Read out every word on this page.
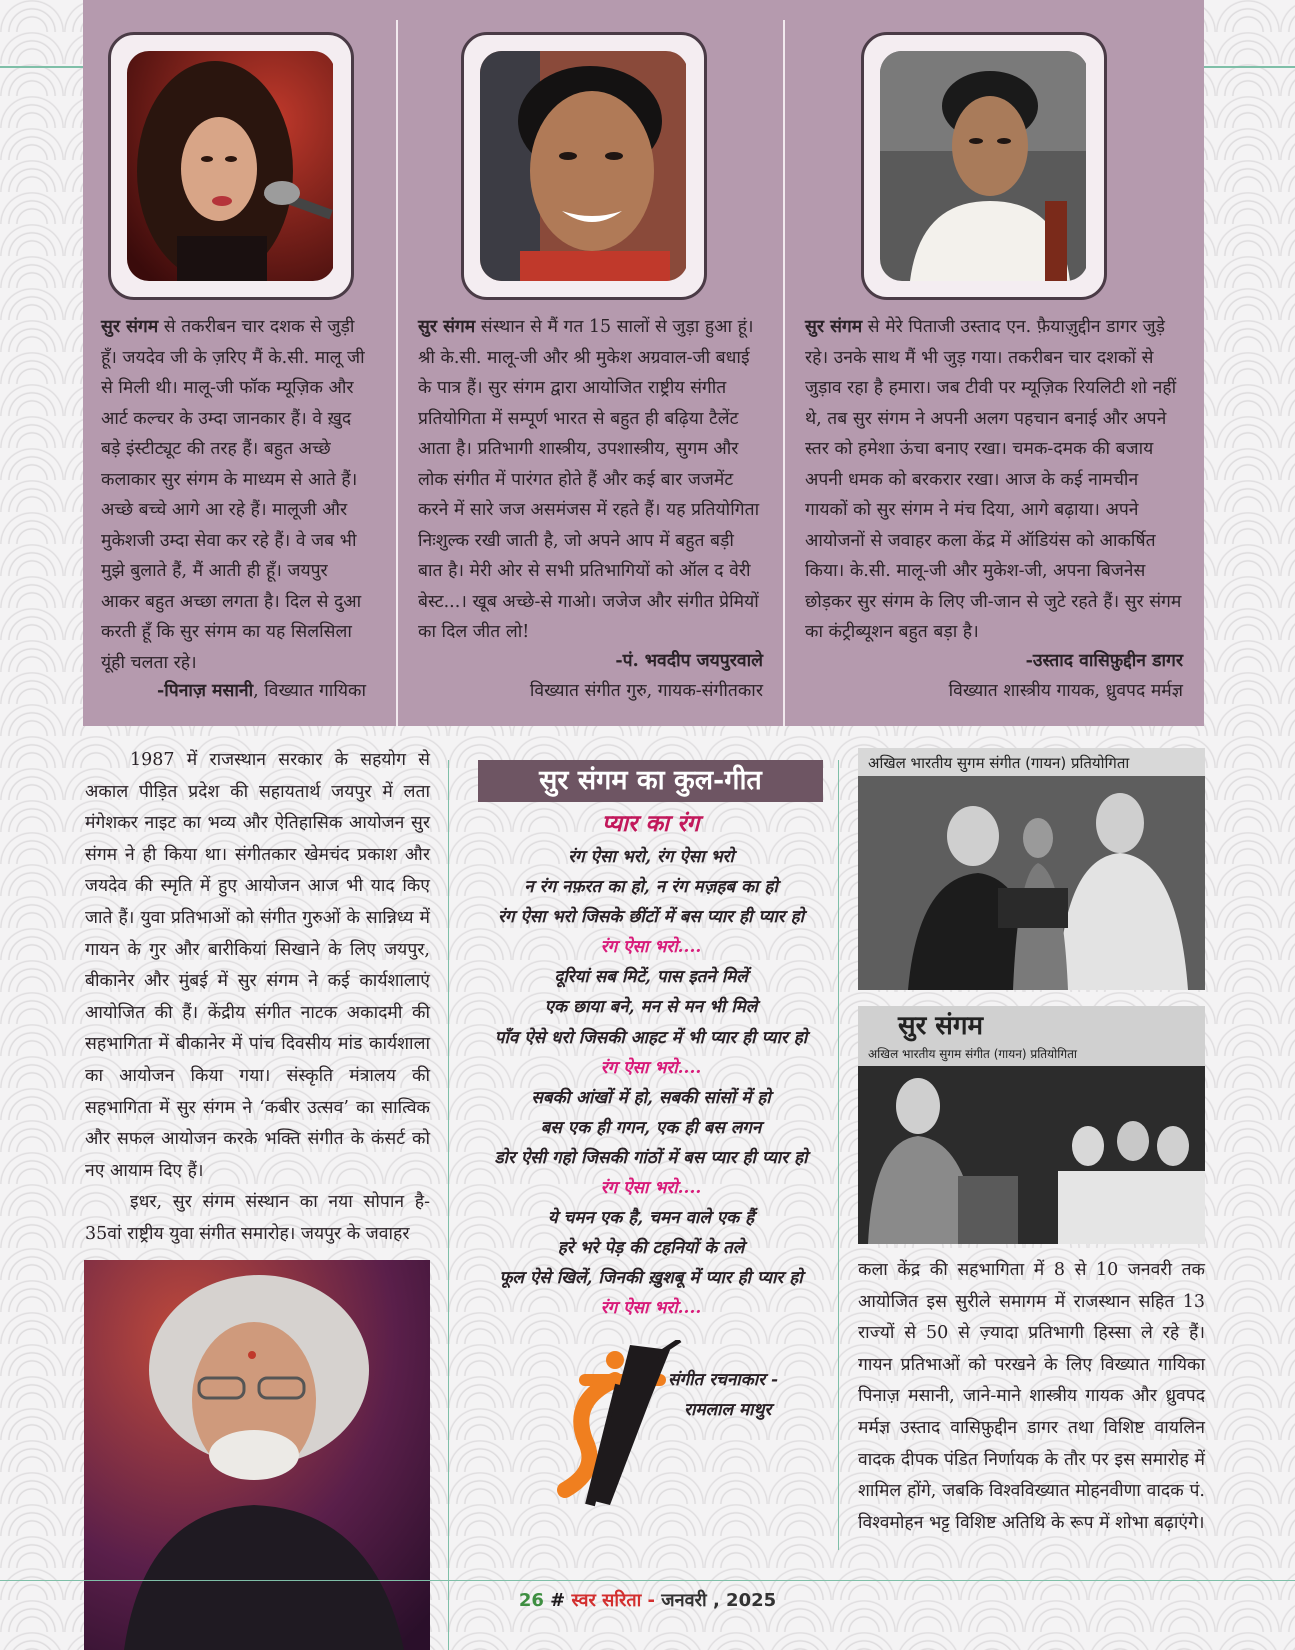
सुर संगम से तकरीबन चार दशक से जुड़ी हूँ। जयदेव जी के ज़रिए मैं के.सी. मालू जी से मिली थी। मालू-जी फॉक म्यूज़िक और आर्ट कल्चर के उम्दा जानकार हैं। वे ख़ुद बड़े इंस्टीट्यूट की तरह हैं। बहुत अच्छे कलाकार सुर संगम के माध्यम से आते हैं। अच्छे बच्चे आगे आ रहे हैं। मालूजी और मुकेशजी उम्दा सेवा कर रहे हैं। वे जब भी मुझे बुलाते हैं, मैं आती ही हूँ। जयपुर आकर बहुत अच्छा लगता है। दिल से दुआ करती हूँ कि सुर संगम का यह सिलसिला यूंही चलता रहे।
-पिनाज़ मसानी, विख्यात गायिका
सुर संगम संस्थान से मैं गत 15 सालों से जुड़ा हुआ हूं। श्री के.सी. मालू-जी और श्री मुकेश अग्रवाल-जी बधाई के पात्र हैं। सुर संगम द्वारा आयोजित राष्ट्रीय संगीत प्रतियोगिता में सम्पूर्ण भारत से बहुत ही बढ़िया टैलेंट आता है। प्रतिभागी शास्त्रीय, उपशास्त्रीय, सुगम और लोक संगीत में पारंगत होते हैं और कई बार जजमेंट करने में सारे जज असमंजस में रहते हैं। यह प्रतियोगिता निःशुल्क रखी जाती है, जो अपने आप में बहुत बड़ी बात है। मेरी ओर से सभी प्रतिभागियों को ऑल द वेरी बेस्ट...। खूब अच्छे-से गाओ। जजेज और संगीत प्रेमियों का दिल जीत लो!
-पं. भवदीप जयपुरवाले
विख्यात संगीत गुरु, गायक-संगीतकार
सुर संगम से मेरे पिताजी उस्ताद एन. फ़ैयाज़ुद्दीन डागर जुड़े रहे। उनके साथ मैं भी जुड़ गया। तकरीबन चार दशकों से जुड़ाव रहा है हमारा। जब टीवी पर म्यूज़िक रियलिटी शो नहीं थे, तब सुर संगम ने अपनी अलग पहचान बनाई और अपने स्तर को हमेशा ऊंचा बनाए रखा। चमक-दमक की बजाय अपनी धमक को बरकरार रखा। आज के कई नामचीन गायकों को सुर संगम ने मंच दिया, आगे बढ़ाया। अपने आयोजनों से जवाहर कला केंद्र में ऑडियंस को आकर्षित किया। के.सी. मालू-जी और मुकेश-जी, अपना बिजनेस छोड़कर सुर संगम के लिए जी-जान से जुटे रहते हैं। सुर संगम का कंट्रीब्यूशन बहुत बड़ा है।
-उस्ताद वासिफ़ुद्दीन डागर
विख्यात शास्त्रीय गायक, ध्रुवपद मर्मज्ञ

1987 में राजस्थान सरकार के सहयोग से अकाल पीड़ित प्रदेश की सहायतार्थ जयपुर में लता मंगेशकर नाइट का भव्य और ऐतिहासिक आयोजन सुर संगम ने ही किया था। संगीतकार खेमचंद प्रकाश और जयदेव की स्मृति में हुए आयोजन आज भी याद किए जाते हैं। युवा प्रतिभाओं को संगीत गुरुओं के सान्निध्य में गायन के गुर और बारीकियां सिखाने के लिए जयपुर, बीकानेर और मुंबई में सुर संगम ने कई कार्यशालाएं आयोजित की हैं। केंद्रीय संगीत नाटक अकादमी की सहभागिता में बीकानेर में पांच दिवसीय मांड कार्यशाला का आयोजन किया गया। संस्कृति मंत्रालय की सहभागिता में सुर संगम ने ‘कबीर उत्सव’ का सात्विक और सफल आयोजन करके भक्ति संगीत के कंसर्ट को नए आयाम दिए हैं।

इधर, सुर संगम संस्थान का नया सोपान है- 35वां राष्ट्रीय युवा संगीत समारोह। जयपुर के जवाहर

सुर संगम का कुल-गीत
प्यार का रंग
रंग ऐसा भरो, रंग ऐसा भरो
न रंग नफ़रत का हो, न रंग मज़हब का हो
रंग ऐसा भरो जिसके छींटों में बस प्यार ही प्यार हो
रंग ऐसा भरो....
दूरियां सब मिटें, पास इतने मिलें
एक छाया बने, मन से मन भी मिले
पाँव ऐसे धरो जिसकी आहट में भी प्यार ही प्यार हो
रंग ऐसा भरो....
सबकी आंखों में हो, सबकी सांसों में हो
बस एक ही गगन, एक ही बस लगन
डोर ऐसी गहो जिसकी गांठों में बस प्यार ही प्यार हो
रंग ऐसा भरो....
ये चमन एक है, चमन वाले एक हैं
हरे भरे पेड़ की टहनियों के तले
फूल ऐसे खिलें, जिनकी ख़ुशबू में प्यार ही प्यार हो
रंग ऐसा भरो....
संगीत रचनाकार -
रामलाल माथुर
अखिल भारतीय सुगम संगीत (गायन) प्रतियोगिता
सुर संगम
अखिल भारतीय सुगम संगीत (गायन) प्रतियोगिता
कला केंद्र की सहभागिता में 8 से 10 जनवरी तक आयोजित इस सुरीले समागम में राजस्थान सहित 13 राज्यों से 50 से ज़्यादा प्रतिभागी हिस्सा ले रहे हैं। गायन प्रतिभाओं को परखने के लिए विख्यात गायिका पिनाज़ मसानी, जाने-माने शास्त्रीय गायक और ध्रुवपद मर्मज्ञ उस्ताद वासिफ़ुद्दीन डागर तथा विशिष्ट वायलिन वादक दीपक पंडित निर्णायक के तौर पर इस समारोह में शामिल होंगे, जबकि विश्वविख्यात मोहनवीणा वादक पं. विश्वमोहन भट्ट विशिष्ट अतिथि के रूप में शोभा बढ़ाएंगे।
26 # स्वर सरिता - जनवरी , 2025
